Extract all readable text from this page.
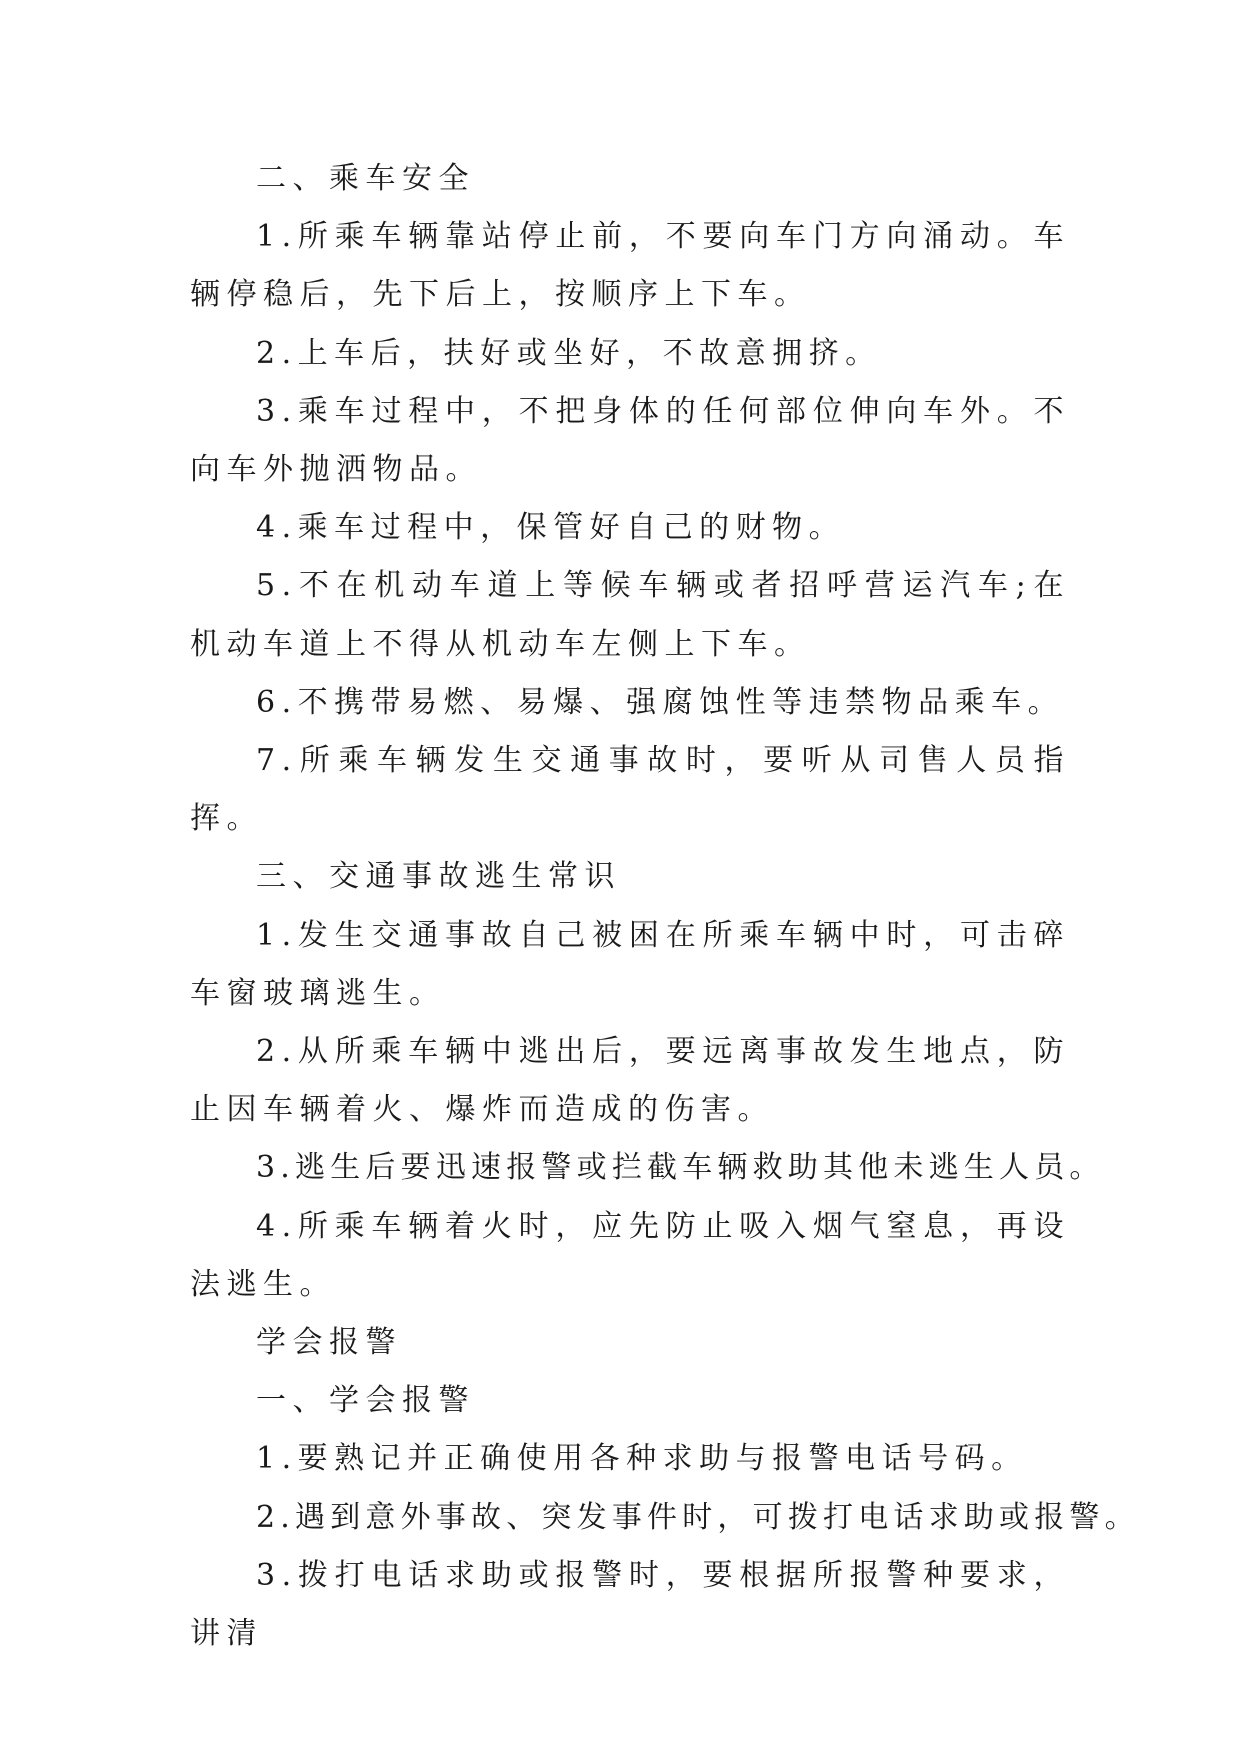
二、乘车安全

1.所乘车辆靠站停止前，不要向车门方向涌动。车辆停稳后，先下后上，按顺序上下车。

2.上车后，扶好或坐好，不故意拥挤。

3.乘车过程中，不把身体的任何部位伸向车外。不向车外抛洒物品。

4.乘车过程中，保管好自己的财物。

5.不在机动车道上等候车辆或者招呼营运汽车;在机动车道上不得从机动车左侧上下车。

6.不携带易燃、易爆、强腐蚀性等违禁物品乘车。

7.所乘车辆发生交通事故时，要听从司售人员指挥。

三、交通事故逃生常识

1.发生交通事故自己被困在所乘车辆中时，可击碎车窗玻璃逃生。

2.从所乘车辆中逃出后，要远离事故发生地点，防止因车辆着火、爆炸而造成的伤害。

3.逃生后要迅速报警或拦截车辆救助其他未逃生人员。

4.所乘车辆着火时，应先防止吸入烟气窒息，再设法逃生。

学会报警

一、学会报警

1.要熟记并正确使用各种求助与报警电话号码。

2.遇到意外事故、突发事件时，可拨打电话求助或报警。

3.拨打电话求助或报警时，要根据所报警种要求，讲清
